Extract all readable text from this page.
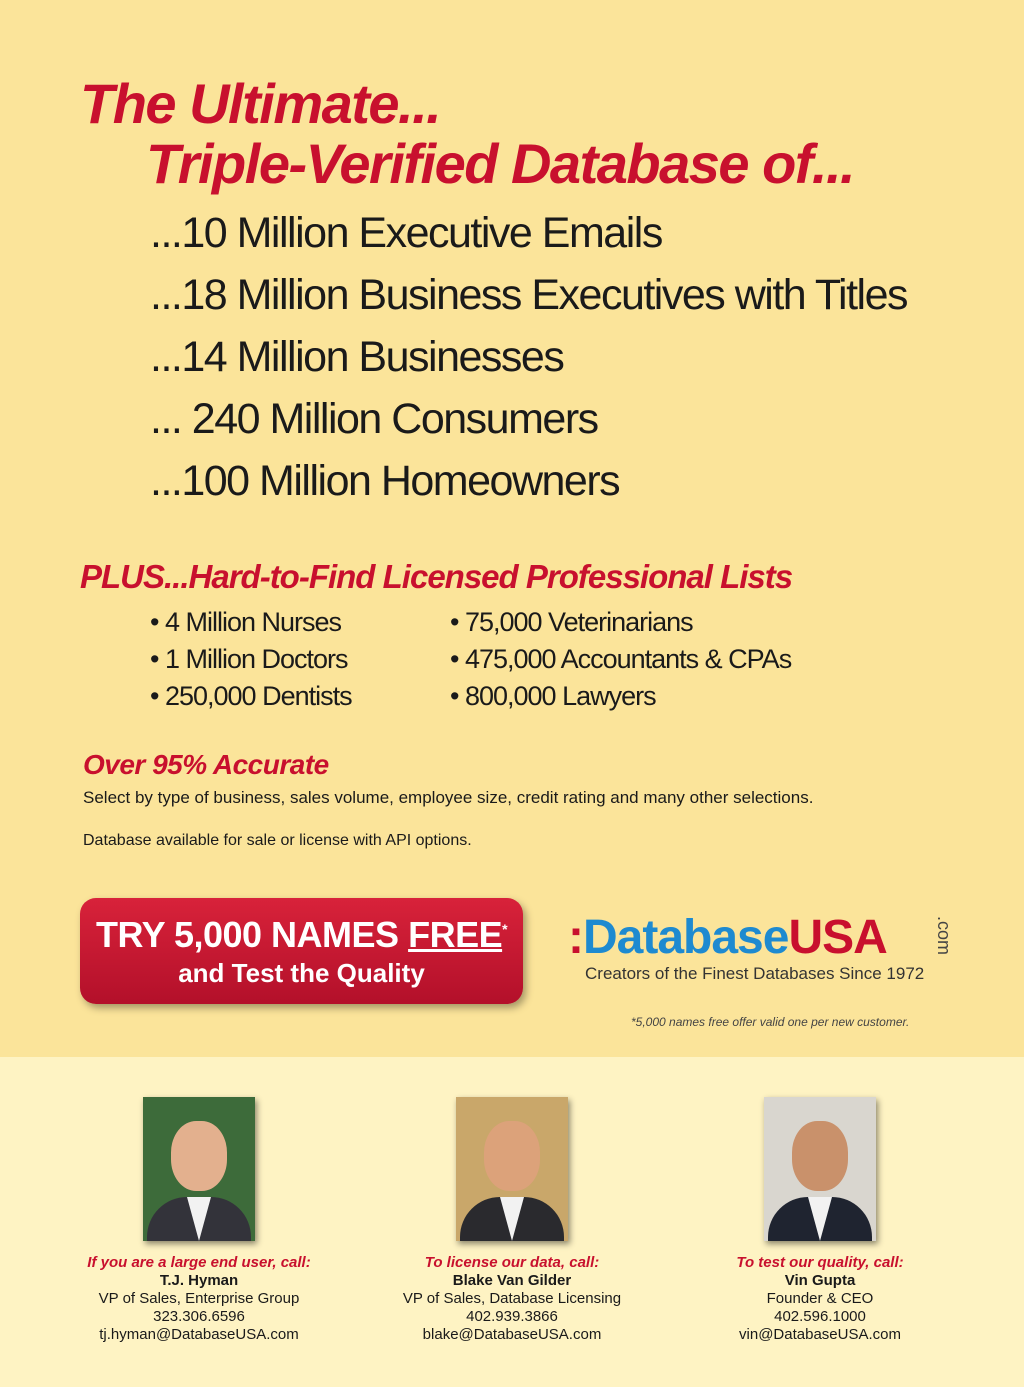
The Ultimate...
Triple-Verified Database of...
...10 Million Executive Emails
...18 Million Business Executives with Titles
...14 Million Businesses
... 240 Million Consumers
...100 Million Homeowners
PLUS...Hard-to-Find Licensed Professional Lists
• 4 Million Nurses
• 1 Million Doctors
• 250,000 Dentists
• 75,000 Veterinarians
• 475,000 Accountants & CPAs
• 800,000 Lawyers
Over 95% Accurate
Select by type of business, sales volume, employee size, credit rating and many other selections.
Database available for sale or license with API options.
TRY 5,000 NAMES FREE*
and Test the Quality
:DatabaseUSA	.com
Creators of the Finest Databases Since 1972
*5,000 names free offer valid one per new customer.
If you are a large end user, call:
T.J. Hyman
VP of Sales, Enterprise Group
323.306.6596
tj.hyman@DatabaseUSA.com
To license our data, call:
Blake Van Gilder
VP of Sales, Database Licensing
402.939.3866
blake@DatabaseUSA.com
To test our quality, call:
Vin Gupta
Founder & CEO
402.596.1000
vin@DatabaseUSA.com
